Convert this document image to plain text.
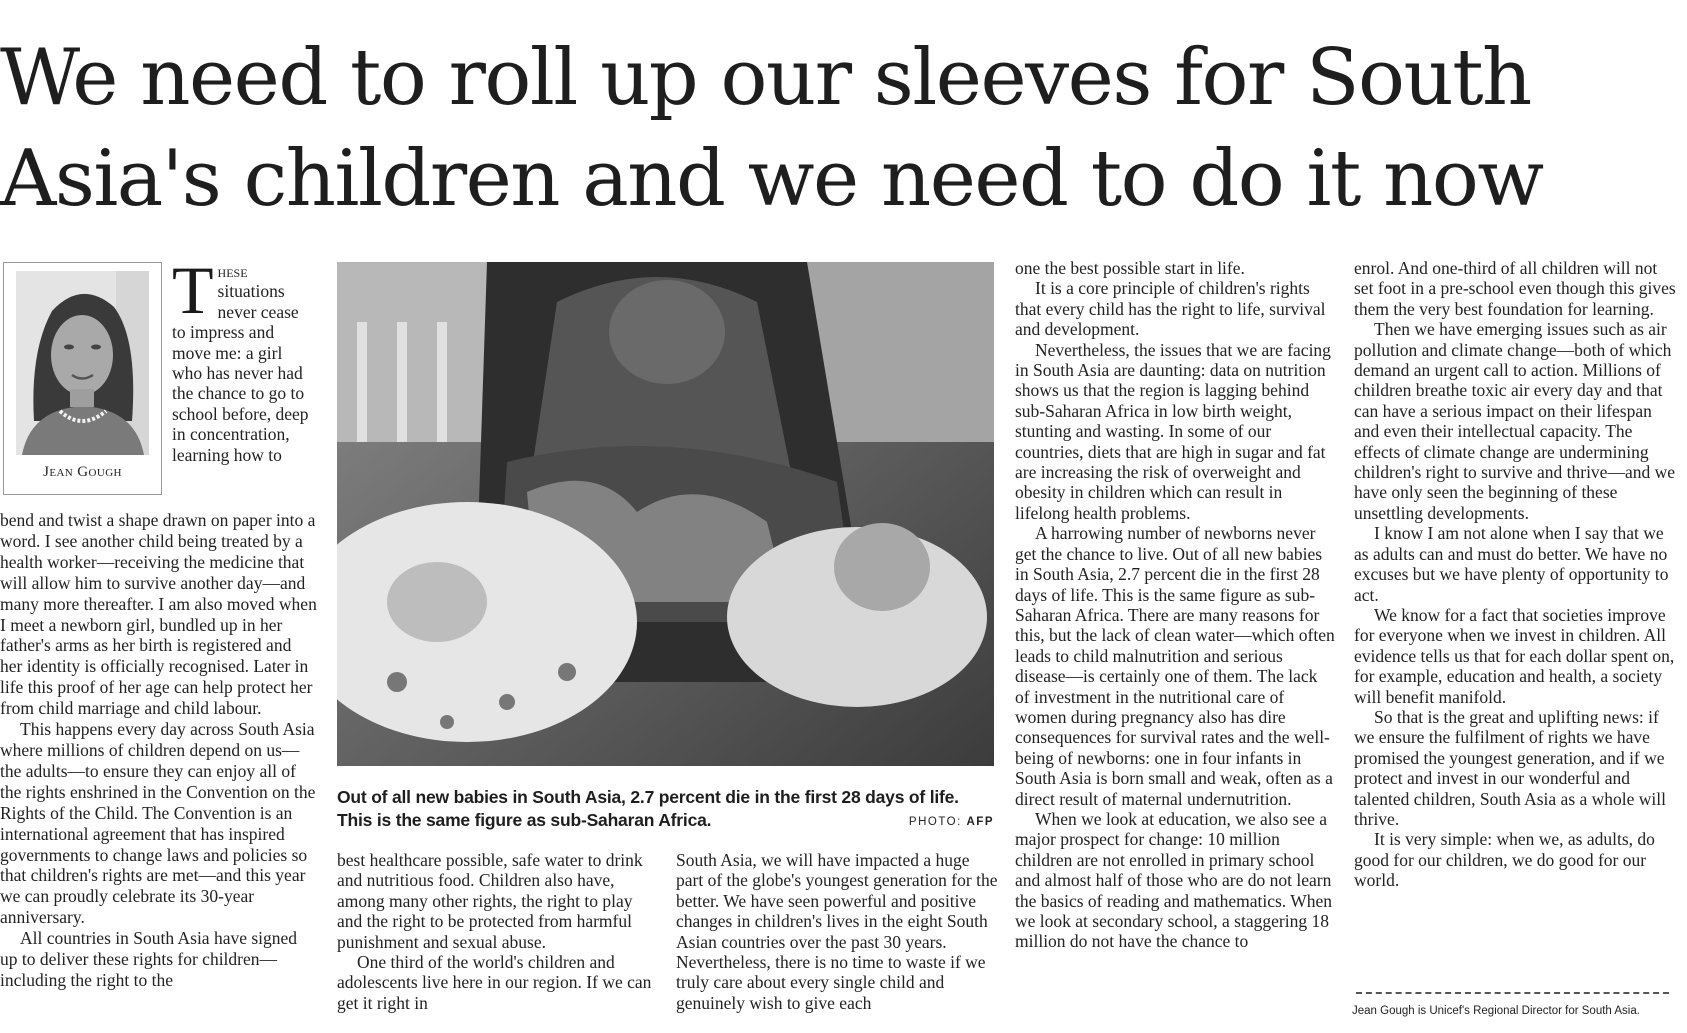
We need to roll up our sleeves for South Asia's children and we need to do it now
Jean Gough

These situations never cease to impress and move me: a girl who has never had the chance to go to school before, deep in concentration, learning how to

bend and twist a shape drawn on paper into a word. I see another child being treated by a health worker—receiving the medicine that will allow him to survive another day—and many more thereafter. I am also moved when I meet a newborn girl, bundled up in her father's arms as her birth is registered and her identity is officially recognised. Later in life this proof of her age can help protect her from child marriage and child labour.

This happens every day across South Asia where millions of children depend on us—the adults—to ensure they can enjoy all of the rights enshrined in the Convention on the Rights of the Child. The Convention is an international agreement that has inspired governments to change laws and policies so that children's rights are met—and this year we can proudly celebrate its 30-year anniversary.

All countries in South Asia have signed up to deliver these rights for children—including the right to the

Out of all new babies in South Asia, 2.7 percent die in the first 28 days of life. This is the same figure as sub-Saharan Africa.	PHOTO: AFP

best healthcare possible, safe water to drink and nutritious food. Children also have, among many other rights, the right to play and the right to be protected from harmful punishment and sexual abuse.

One third of the world's children and adolescents live here in our region. If we can get it right in

South Asia, we will have impacted a huge part of the globe's youngest generation for the better. We have seen powerful and positive changes in children's lives in the eight South Asian countries over the past 30 years. Nevertheless, there is no time to waste if we truly care about every single child and genuinely wish to give each

one the best possible start in life.

It is a core principle of children's rights that every child has the right to life, survival and development.

Nevertheless, the issues that we are facing in South Asia are daunting: data on nutrition shows us that the region is lagging behind sub-Saharan Africa in low birth weight, stunting and wasting. In some of our countries, diets that are high in sugar and fat are increasing the risk of overweight and obesity in children which can result in lifelong health problems.

A harrowing number of newborns never get the chance to live. Out of all new babies in South Asia, 2.7 percent die in the first 28 days of life. This is the same figure as sub-Saharan Africa. There are many reasons for this, but the lack of clean water—which often leads to child malnutrition and serious disease—is certainly one of them. The lack of investment in the nutritional care of women during pregnancy also has dire consequences for survival rates and the well-being of newborns: one in four infants in South Asia is born small and weak, often as a direct result of maternal undernutrition.

When we look at education, we also see a major prospect for change: 10 million children are not enrolled in primary school and almost half of those who are do not learn the basics of reading and mathematics. When we look at secondary school, a staggering 18 million do not have the chance to

enrol. And one-third of all children will not set foot in a pre-school even though this gives them the very best foundation for learning.

Then we have emerging issues such as air pollution and climate change—both of which demand an urgent call to action. Millions of children breathe toxic air every day and that can have a serious impact on their lifespan and even their intellectual capacity. The effects of climate change are undermining children's right to survive and thrive—and we have only seen the beginning of these unsettling developments.

I know I am not alone when I say that we as adults can and must do better. We have no excuses but we have plenty of opportunity to act.

We know for a fact that societies improve for everyone when we invest in children. All evidence tells us that for each dollar spent on, for example, education and health, a society will benefit manifold.

So that is the great and uplifting news: if we ensure the fulfilment of rights we have promised the youngest generation, and if we protect and invest in our wonderful and talented children, South Asia as a whole will thrive.

It is very simple: when we, as adults, do good for our children, we do good for our world.

Jean Gough is Unicef's Regional Director for South Asia.
